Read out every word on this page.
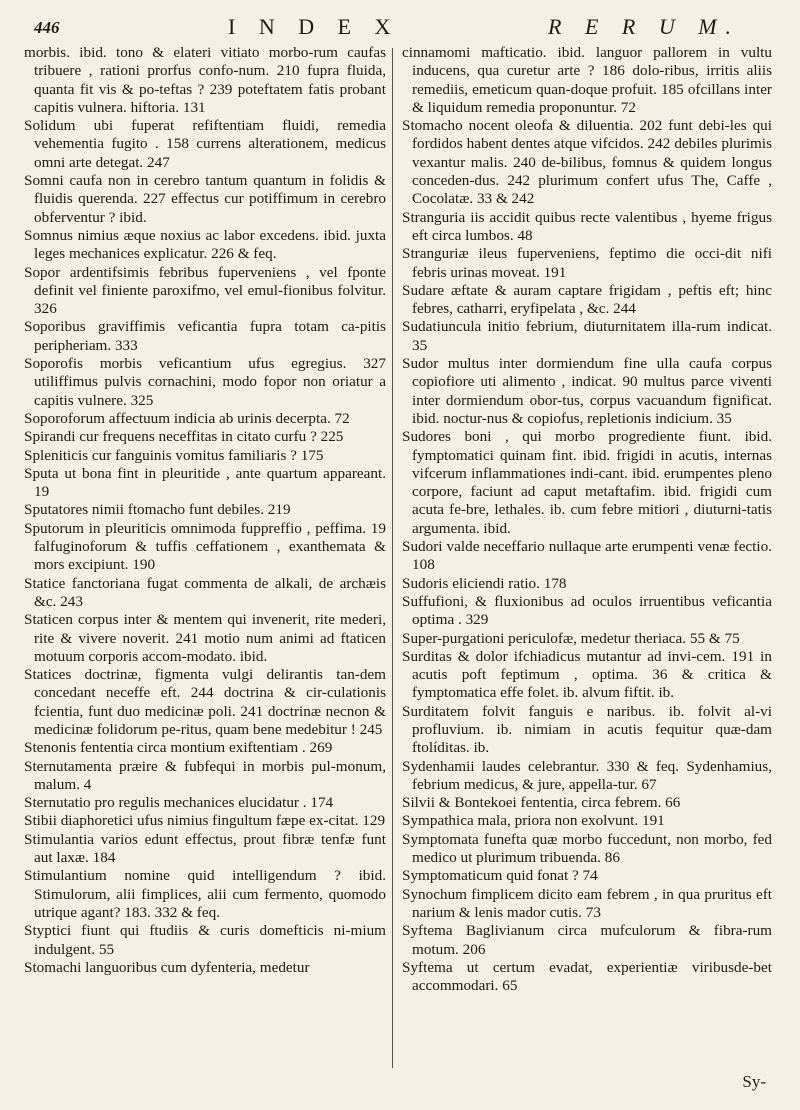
446	I N D E X	R E R U M.

morbis. ibid. tono & elateri vitiato morbo-rum caufas tribuere , rationi prorfus confo-num. 210 fupra fluida, quanta fit vis & po-teftas ? 239 poteftatem fatis probant capitis vulnera. hiftoria. 131

Solidum ubi fuperat refiftentiam fluidi, remedia vehementia fugito . 158 currens alterationem, medicus omni arte detegat. 247

Somni caufa non in cerebro tantum quantum in folidis & fluidis querenda. 227 effectus cur potiffimum in cerebro obferventur ? ibid.

Somnus nimius æque noxius ac labor excedens. ibid. juxta leges mechanices explicatur. 226 & feq.

Sopor ardentifsimis febribus fuperveniens , vel fponte definit vel finiente paroxifmo, vel emul-fionibus folvitur. 326

Soporibus graviffimis veficantia fupra totam ca-pitis peripheriam. 333

Soporofis morbis veficantium ufus egregius. 327 utiliffimus pulvis cornachini, modo fopor non oriatur a capitis vulnere. 325

Soporoforum affectuum indicia ab urinis decerpta. 72

Spirandi cur frequens neceffitas in citato curfu ? 225

Spleniticis cur fanguinis vomitus familiaris ? 175

Sputa ut bona fint in pleuritide , ante quartum appareant. 19

Sputatores nimii ftomacho funt debiles. 219

Sputorum in pleuriticis omnimoda fuppreffio , peffima. 19 falfuginoforum & tuffis ceffationem , exanthemata & mors excipiunt. 190

Statice fanctoriana fugat commenta de alkali, de archæis &c. 243

Staticen corpus inter & mentem qui invenerit, rite mederi, rite & vivere noverit. 241 motio num animi ad ftaticen motuum corporis accom-modato. ibid.

Statices doctrinæ, figmenta vulgi delirantis tan-dem concedant neceffe eft. 244 doctrina & cir-culationis fcientia, funt duo medicinæ poli. 241 doctrinæ necnon & medicinæ folidorum pe-ritus, quam bene medebitur ! 245

Stenonis fententia circa montium exiftentiam . 269

Sternutamenta præire & fubfequi in morbis pul-monum, malum. 4

Sternutatio pro regulis mechanices elucidatur . 174

Stibii diaphoretici ufus nimius fingultum fæpe ex-citat. 129

Stimulantia varios edunt effectus, prout fibræ tenfæ funt aut laxæ. 184

Stimulantium nomine quid intelligendum ? ibid. Stimulorum, alii fimplices, alii cum fermento, quomodo utrique agant? 183. 332 & feq.

Styptici fiunt qui ftudiis & curis domefticis ni-mium indulgent. 55

Stomachi languoribus cum dyfenteria, medetur

cinnamomi mafticatio. ibid. languor pallorem in vultu inducens, qua curetur arte ? 186 dolo-ribus, irritis aliis remediis, emeticum quan-doque profuit. 185 ofcillans inter & liquidum remedia proponuntur. 72

Stomacho nocent oleofa & diluentia. 202 funt debi-les qui fordidos habent dentes atque vifcidos. 242 debiles plurimis vexantur malis. 240 de-bilibus, fomnus & quidem longus conceden-dus. 242 plurimum confert ufus The, Caffe , Cocolatæ. 33 & 242

Stranguria iis accidit quibus recte valentibus , hyeme frigus eft circa lumbos. 48

Stranguriæ ileus fuperveniens, feptimo die occi-dit nifi febris urinas moveat. 191

Sudare æftate & auram captare frigidam , peftis eft; hinc febres, catharri, eryfipelata , &c. 244

Sudatiuncula initio febrium, diuturnitatem illa-rum indicat. 35

Sudor multus inter dormiendum fine ulla caufa corpus copiofiore uti alimento , indicat. 90 multus parce viventi inter dormiendum obor-tus, corpus vacuandum fignificat. ibid. noctur-nus & copiofus, repletionis indicium. 35

Sudores boni , qui morbo progrediente fiunt. ibid. fymptomatici quinam fint. ibid. frigidi in acutis, internas vifcerum inflammationes indi-cant. ibid. erumpentes pleno corpore, faciunt ad caput metaftafim. ibid. frigidi cum acuta fe-bre, lethales. ib. cum febre mitiori , diuturni-tatis argumenta. ibid.

Sudori valde neceffario nullaque arte erumpenti venæ fectio. 108

Sudoris eliciendi ratio. 178

Suffufioni, & fluxionibus ad oculos irruentibus veficantia optima . 329

Super-purgationi periculofæ, medetur theriaca. 55 & 75

Surditas & dolor ifchiadicus mutantur ad invi-cem. 191 in acutis poft feptimum , optima. 36 & critica & fymptomatica effe folet. ib. alvum fiftit. ib.

Surditatem folvit fanguis e naribus. ib. folvit al-vi profluvium. ib. nimiam in acutis fequitur quæ-dam ftolíditas. ib.

Sydenhamii laudes celebrantur. 330 & feq. Sydenhamius, febrium medicus, & jure, appella-tur. 67

Silvii & Bontekoei fententia, circa febrem. 66

Sympathica mala, priora non exolvunt. 191

Symptomata funefta quæ morbo fuccedunt, non morbo, fed medico ut plurimum tribuenda. 86

Symptomaticum quid fonat ? 74

Synochum fimplicem dicito eam febrem , in qua pruritus eft narium & lenis mador cutis. 73

Syftema Baglivianum circa mufculorum & fibra-rum motum. 206

Syftema ut certum evadat, experientiæ viribusde-bet accommodari. 65

Sy-
